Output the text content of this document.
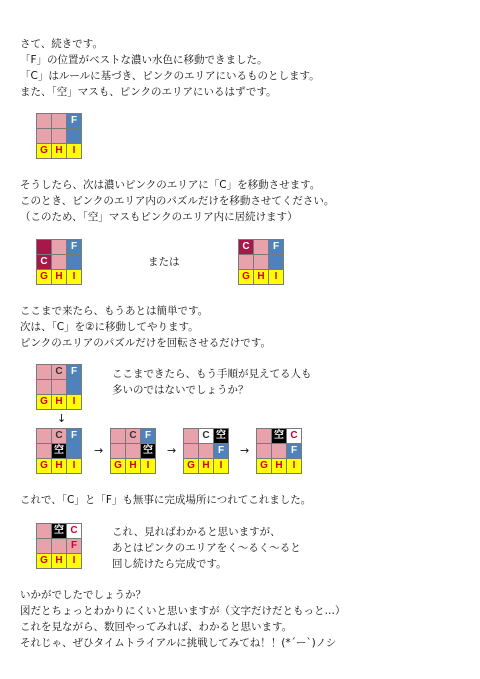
さて、続きです。
「F」の位置がベストな濃い水色に移動できました。
「C」はルールに基づき、ピンクのエリアにいるものとします。
また、「空」マスも、ピンクのエリアにいるはずです。
		F

G	H	I
そうしたら、次は濃いピンクのエリアに「C」を移動させます。
このとき、ピンクのエリア内のパズルだけを移動させてください。
（このため、「空」マスもピンクのエリア内に居続けます）
		F
C		
G	H	I
または
C		F

G	H	I
ここまで来たら、もうあとは簡単です。
次は、「C」を②に移動してやります。
ピンクのエリアのパズルだけを回転させるだけです。
	C	F

G	H	I
ここまできたら、もう手順が見えてる人も
多いのではないでしょうか？
↓
	C	F
	空	
G	H	I
→
	C	F
		空
G	H	I
→
	C	空
		F
G	H	I
→
	空	C
		F
G	H	I
これで、「C」と「F」も無事に完成場所につれてこれました。
	空	C
		F
G	H	I
これ、見ればわかると思いますが、
あとはピンクのエリアをく～るく～ると
回し続けたら完成です。
いかがでしたでしょうか？
図だとちょっとわかりにくいと思いますが（文字だけだともっと…）
これを見ながら、数回やってみれば、わかると思います。
それじゃ、ぜひタイムトライアルに挑戦してみてね！！(*´ー`)ノシ
